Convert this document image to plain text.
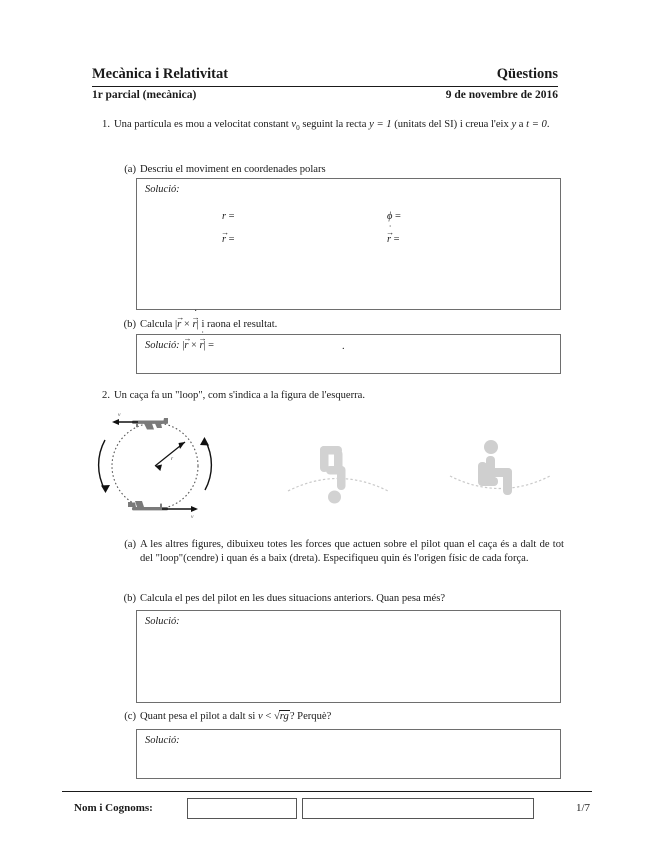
Mecànica i Relativitat	Qüestions
1r parcial (mecànica)	9 de novembre de 2016
1. Una partícula es mou a velocitat constant $v_0$ seguint la recta y = 1 (unitats del SI) i creua l'eix y a t = 0.
(a) Descriu el moviment en coordenades polars
Solució:
r =	ϕ =
r → =	˙ r → =
(b) Calcula |r → × ˙ r →| i raona el resultat.
Solució: |r → × ˙ r →| =	.
2. Un caça fa un "loop", com s'indica a la figura de l'esquerra.
r
v
v
(a) A les altres figures, dibuixeu totes les forces que actuen sobre el pilot quan el caça és a dalt de tot del "loop"(cendre) i quan és a baix (dreta). Especifiqueu quin és l'origen físic de cada força.
(b) Calcula el pes del pilot en les dues situacions anteriors. Quan pesa més?
Solució:
(c) Quant pesa el pilot a dalt si v < √rg? Perquè?
Solució:
Nom i Cognoms:	1/7
